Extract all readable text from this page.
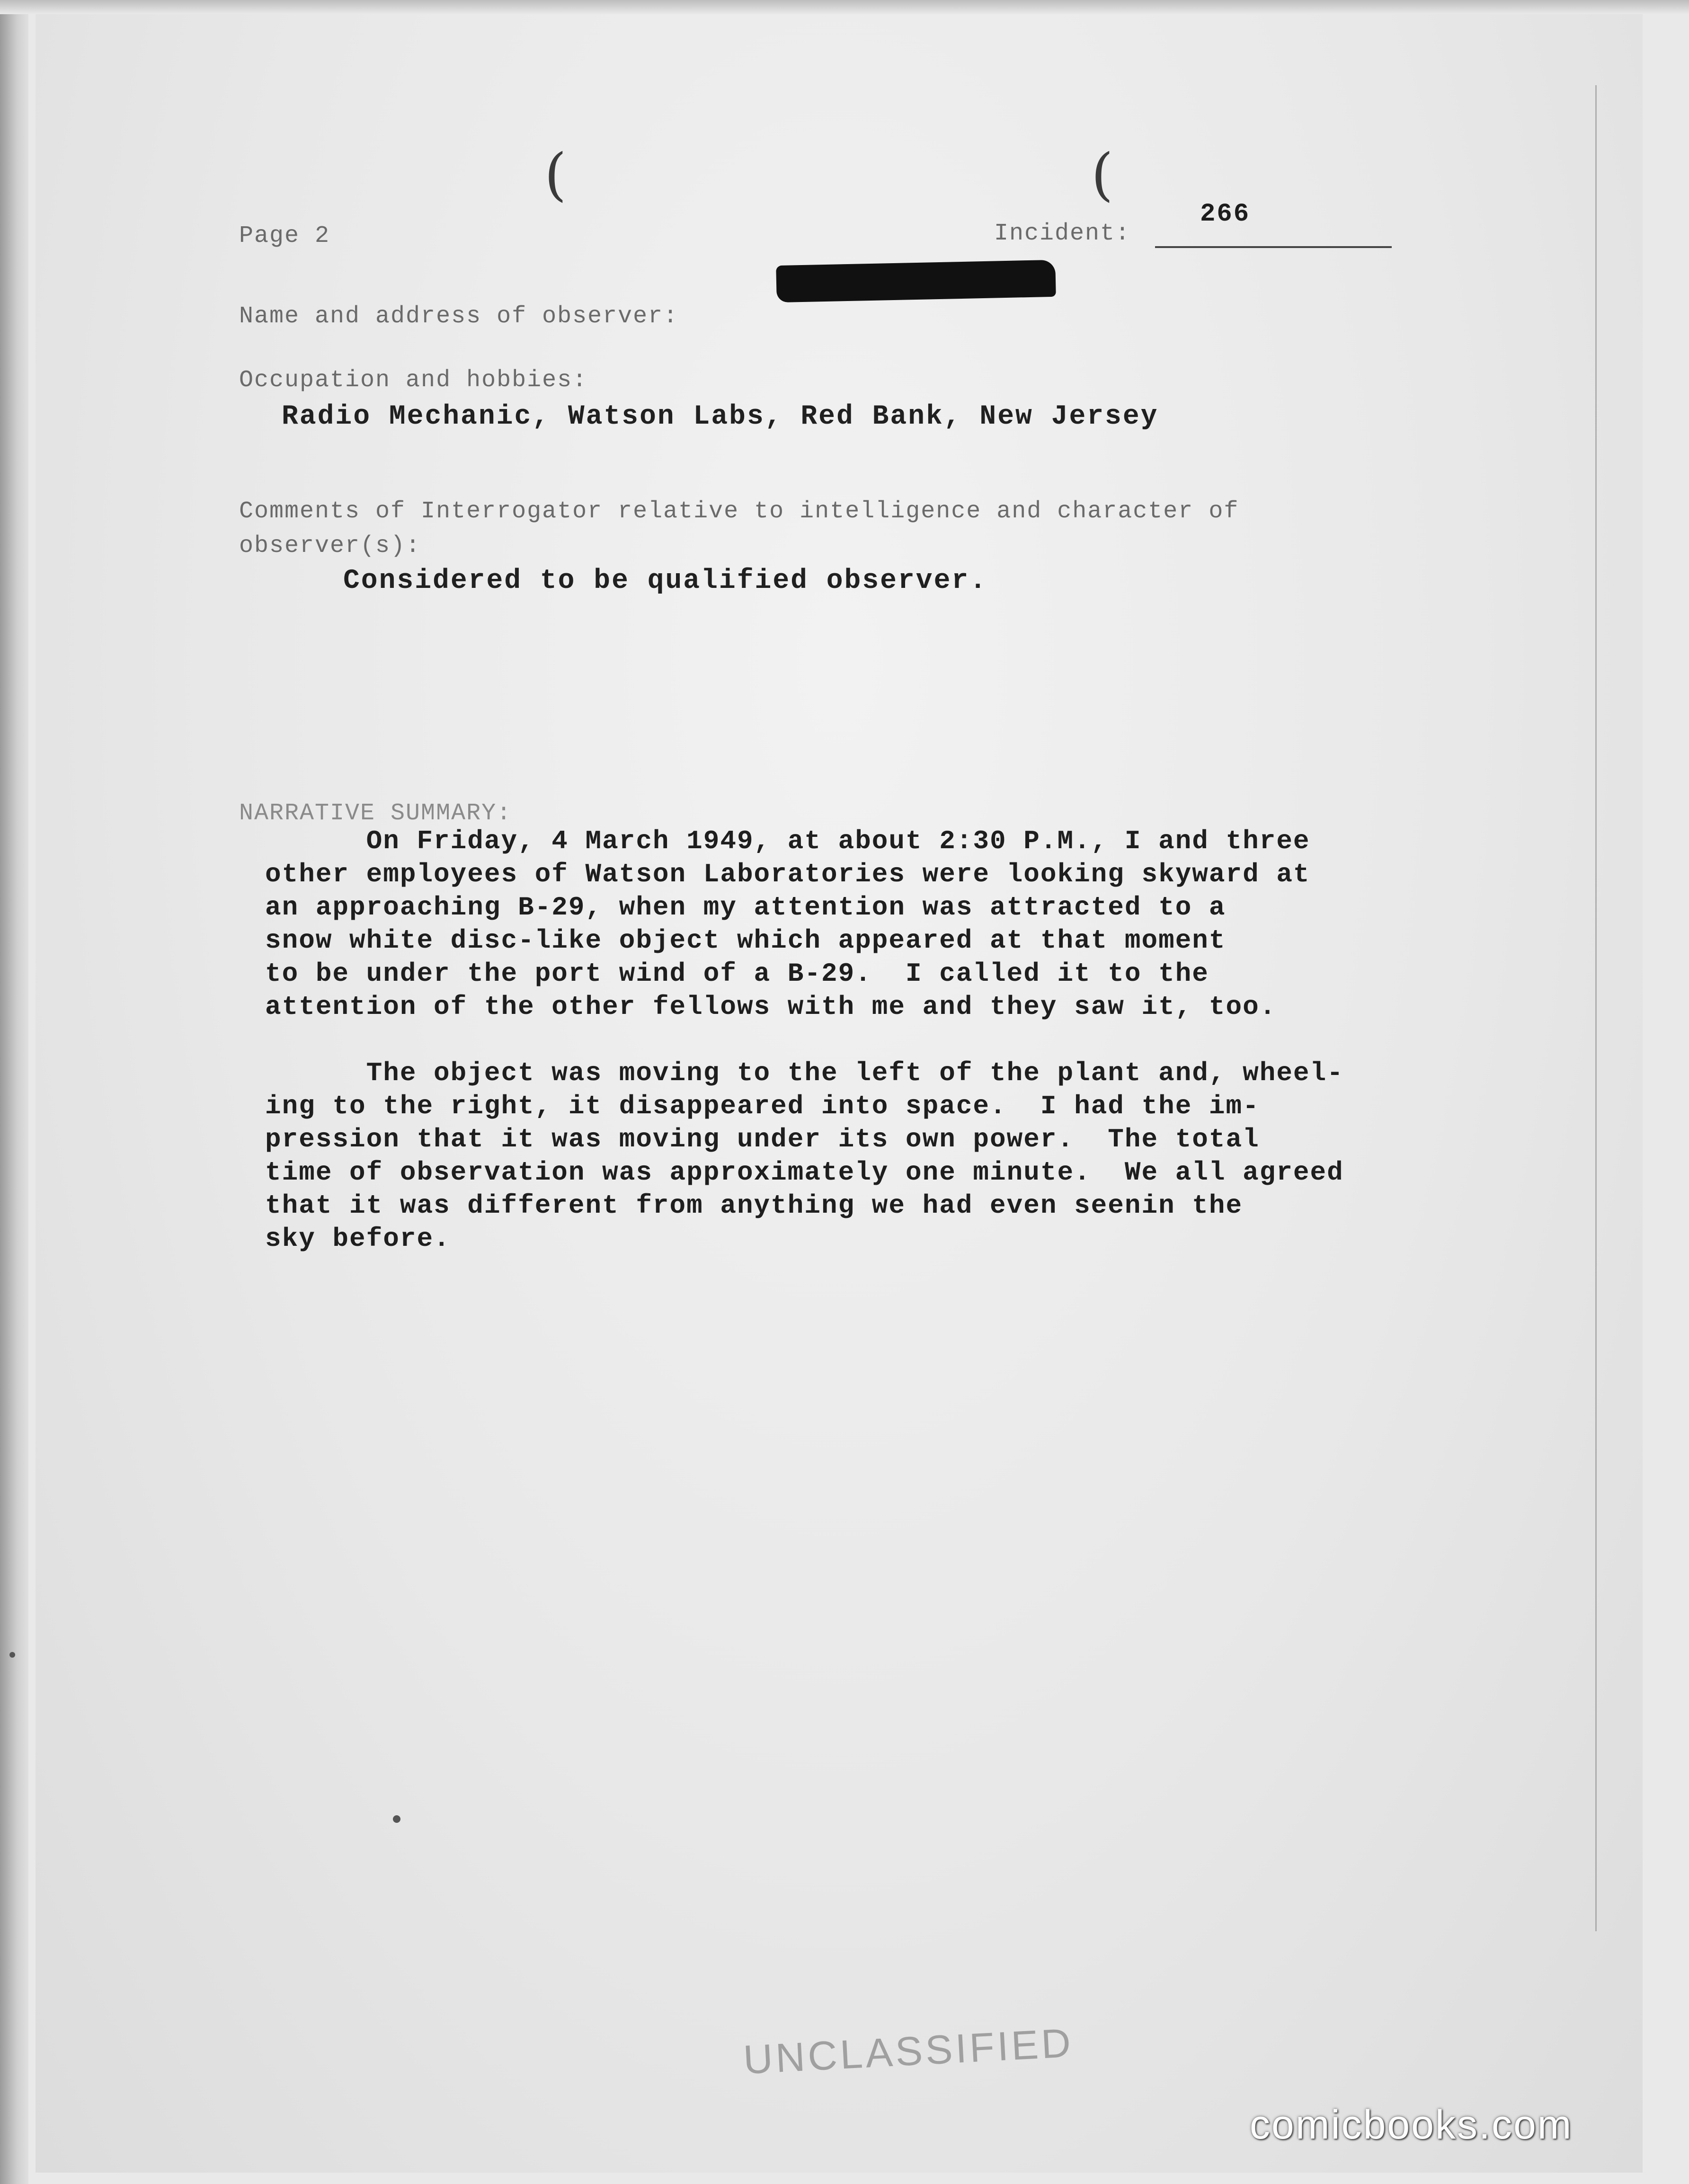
(	(
Page 2	Incident:
266
Name and address of observer:
Occupation and hobbies:
Radio Mechanic, Watson Labs, Red Bank, New Jersey
Comments of Interrogator relative to intelligence and character of
observer(s):
Considered to be qualified observer.
NARRATIVE SUMMARY:
On Friday, 4 March 1949, at about 2:30 P.M., I and three
other employees of Watson Laboratories were looking skyward at
an approaching B-29, when my attention was attracted to a
snow white disc-like object which appeared at that moment
to be under the port wind of a B-29.  I called it to the
attention of the other fellows with me and they saw it, too.
The object was moving to the left of the plant and, wheel-
ing to the right, it disappeared into space.  I had the im-
pression that it was moving under its own power.  The total
time of observation was approximately one minute.  We all agreed
that it was different from anything we had even seenin the
sky before.
UNCLASSIFIED
comicbooks.com
